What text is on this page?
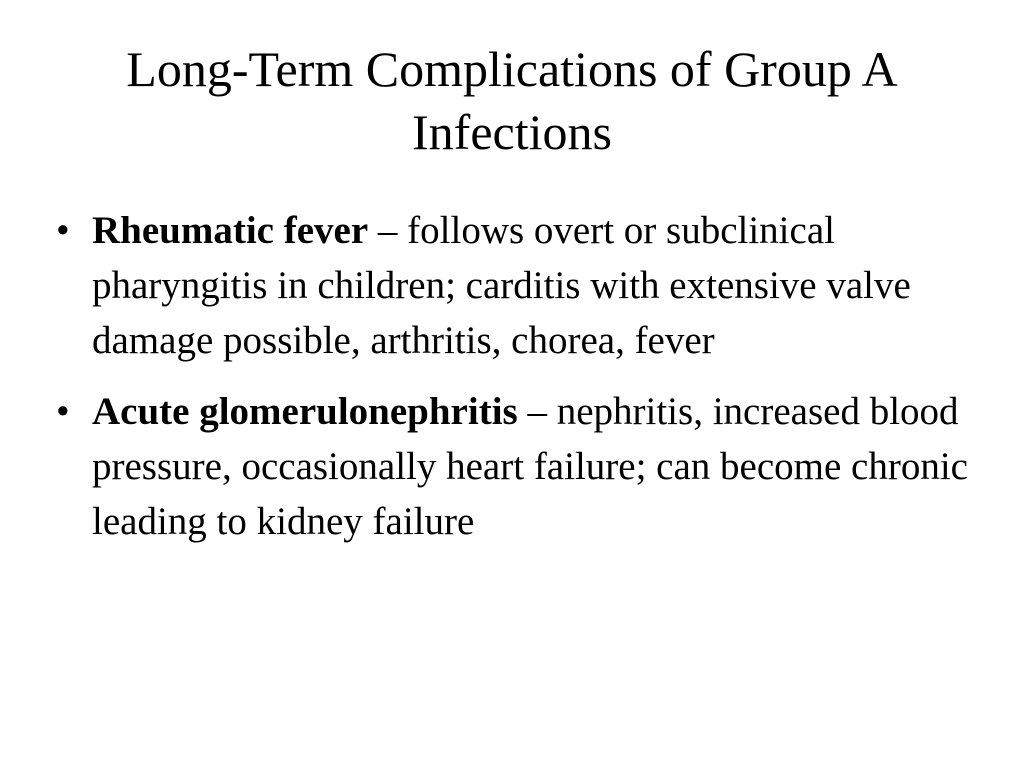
Long-Term Complications of Group A Infections
• Rheumatic fever – follows overt or subclinical pharyngitis in children; carditis with extensive valve damage possible, arthritis, chorea, fever
• Acute glomerulonephritis – nephritis, increased blood pressure, occasionally heart failure; can become chronic leading to kidney failure
